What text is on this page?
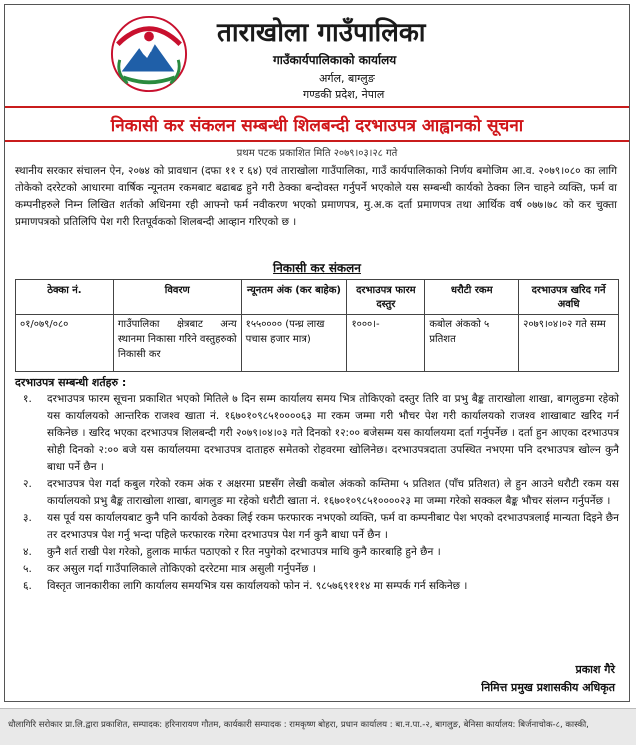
ताराखोला गाउँपालिका
गाउँकार्यपालिकाको कार्यालय
अर्गल, बाग्लुङ
गण्डकी प्रदेश, नेपाल
निकासी कर संकलन सम्बन्धी शिलबन्दी दरभाउपत्र आह्वानको सूचना
प्रथम पटक प्रकाशित मिति २०७९।०३।२८ गते
स्थानीय सरकार संचालन ऐन, २०७४ को प्रावधान (दफा ११ र ६४) एवं ताराखोला गाउँपालिका, गाउँ कार्यपालिकाको निर्णय बमोजिम आ.व. २०७९।०८० का लागि तोकेको दररेटको आधारमा वार्षिक न्यूनतम रकमबाट बढाबढ हुने गरी ठेक्का बन्दोवस्त गर्नुपर्ने भएकोले यस सम्बन्धी कार्यको ठेक्का लिन चाहने व्यक्ति, फर्म वा कम्पनीहरुले निम्न लिखित शर्तको अधिनमा रही आफ्नो फर्म नवीकरण भएको प्रमाणपत्र, मु.अ.क दर्ता प्रमाणपत्र तथा आर्थिक वर्ष ०७७।७८ को कर चुक्ता प्रमाणपत्रको प्रतिलिपि पेश गरी रितपूर्वकको शिलबन्दी आव्हान गरिएको छ ।
निकासी कर संकलन
ठेक्का नं.	विवरण	न्यूनतम अंक (कर बाहेक)	दरभाउपत्र फारम दस्तुर	धरौटी रकम	दरभाउपत्र खरिद गर्ने अवधि
०१/०७९/०८०	गाउँपालिका क्षेत्रबाट अन्य स्थानमा निकासा गरिने वस्तुहरुको निकासी कर	१५५०००० (पन्ध्र लाख पचास हजार मात्र)	१०००।-	कबोल अंकको ५ प्रतिशत	२०७९।०४।०२ गते सम्म
दरभाउपत्र सम्बन्धी शर्तहरु :
१. दरभाउपत्र फारम सूचना प्रकाशित भएको मितिले ७ दिन सम्म कार्यालय समय भित्र तोकिएको दस्तुर तिरि वा प्रभु बैङ्क ताराखोला शाखा, बागलुङमा रहेको यस कार्यालयको आन्तरिक राजश्व खाता नं. १६७०१०९८५१००००६३ मा रकम जम्मा गरी भौचर पेश गरी कार्यालयको राजश्व शाखाबाट खरिद गर्न सकिनेछ । खरिद भएका दरभाउपत्र शिलबन्दी गरी २०७९।०४।०३ गते दिनको १२:०० बजेसम्म यस कार्यालयमा दर्ता गर्नुपर्नेछ । दर्ता हुन आएका दरभाउपत्र सोही दिनको २:०० बजे यस कार्यालयमा दरभाउपत्र दाताहरु समेतको रोहवरमा खोलिनेछ। दरभाउपत्रदाता उपस्थित नभएमा पनि दरभाउपत्र खोल्न कुनै बाधा पर्ने छैन ।
२. दरभाउपत्र पेश गर्दा कबुल गरेको रकम अंक र अक्षरमा प्रष्टसँग लेखी कबोल अंकको कम्तिमा ५ प्रतिशत (पाँच प्रतिशत) ले हुन आउने धरौटी रकम यस कार्यालयको प्रभु बैङ्क ताराखोला शाखा, बागलुङ मा रहेको धरौटी खाता नं. १६७०१०९८५१००००२३ मा जम्मा गरेको सक्कल बैङ्क भौचर संलग्न गर्नुपर्नेछ ।
३. यस पूर्व यस कार्यालयबाट कुनै पनि कार्यको ठेक्का लिई रकम फरफारक नभएको व्यक्ति, फर्म वा कम्पनीबाट पेश भएको दरभाउपत्रलाई मान्यता दिइने छैन तर दरभाउपत्र पेश गर्नु भन्दा पहिले फरफारक गरेमा दरभाउपत्र पेश गर्न कुनै बाधा पर्ने छैन ।
४. कुनै शर्त राखी पेश गरेको, हुलाक मार्फत पठाएको र रित नपुगेको दरभाउपत्र माथि कुनै कारबाहि हुने छैन ।
५. कर असुल गर्दा गाउँपालिकाले तोकिएको दररेटमा मात्र असुली गर्नुपर्नेछ ।
६. विस्तृत जानकारीका लागि कार्यालय समयभित्र यस कार्यालयको फोन नं. ९८५७६९१११४ मा सम्पर्क गर्न सकिनेछ ।
प्रकाश गैरे
निमित्त प्रमुख प्रशासकीय अधिकृत
धौलागिरि सरोकार प्रा.लि.द्वारा प्रकाशित, सम्पादक: हरिनारायण गौतम, कार्यकारी सम्पादक : रामकृष्ण बोहरा, प्रधान कार्यालय : बा.न.पा.-२, बागलुङ, बेनिसा कार्यालय: बिर्जनाचोक-८, कास्की,
